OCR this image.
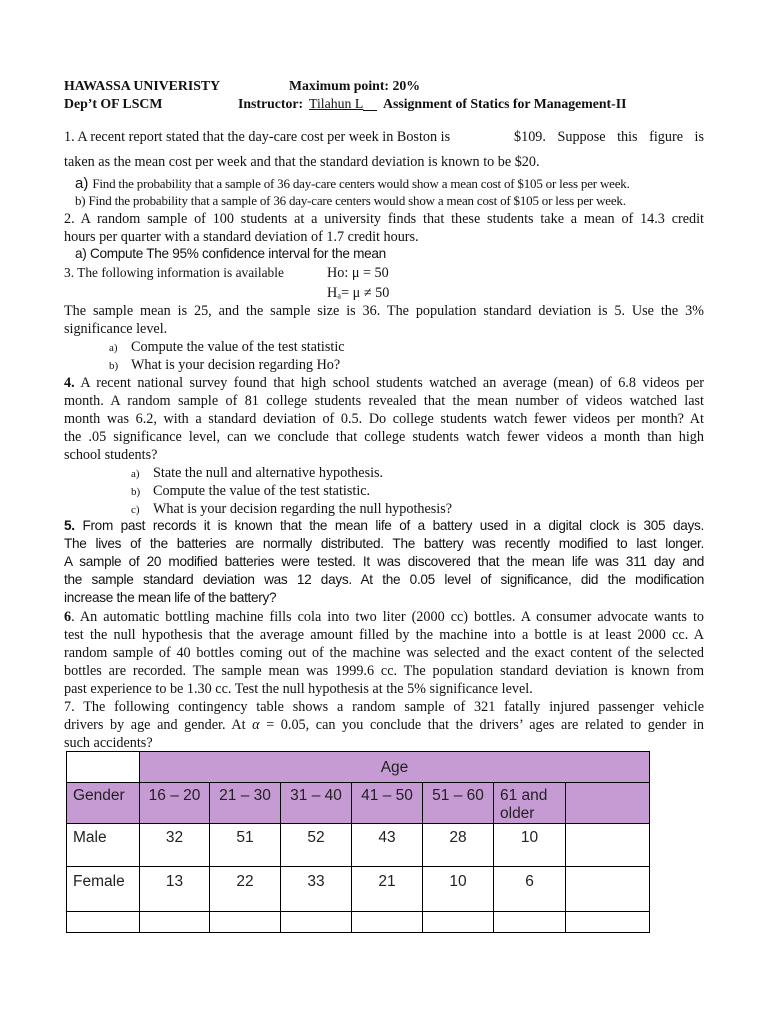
HAWASSA UNIVERISTY	Maximum point: 20%
Dep’t OF LSCM	Instructor: Tilahun L Assignment of Statics for Management-II
1. A recent report stated that the day-care cost per week in Boston is	$109. Suppose this figure is
taken as the mean cost per week and that the standard deviation is known to be $20.
a) Find the probability that a sample of 36 day-care centers would show a mean cost of $105 or less per week.
b) Find the probability that a sample of 36 day-care centers would show a mean cost of $105 or less per week.
2. A random sample of 100 students at a university finds that these students take a mean of 14.3 credit
hours per quarter with a standard deviation of 1.7 credit hours.
a) Compute The 95% confidence interval for the mean
3. The following information is available	Ho: μ = 50
Hₐ= μ ≠ 50
The sample mean is 25, and the sample size is 36. The population standard deviation is 5. Use the 3%
significance level.
a) Compute the value of the test statistic
b) What is your decision regarding Ho?
4. A recent national survey found that high school students watched an average (mean) of 6.8 videos per
month. A random sample of 81 college students revealed that the mean number of videos watched last
month was 6.2, with a standard deviation of 0.5. Do college students watch fewer videos per month? At
the .05 significance level, can we conclude that college students watch fewer videos a month than high
school students?
a) State the null and alternative hypothesis.
b) Compute the value of the test statistic.
c) What is your decision regarding the null hypothesis?
5. From past records it is known that the mean life of a battery used in a digital clock is 305 days.
The lives of the batteries are normally distributed. The battery was recently modified to last longer.
A sample of 20 modified batteries were tested. It was discovered that the mean life was 311 day and
the sample standard deviation was 12 days. At the 0.05 level of significance, did the modification
increase the mean life of the battery?
6. An automatic bottling machine fills cola into two liter (2000 cc) bottles. A consumer advocate wants to
test the null hypothesis that the average amount filled by the machine into a bottle is at least 2000 cc. A
random sample of 40 bottles coming out of the machine was selected and the exact content of the selected
bottles are recorded. The sample mean was 1999.6 cc. The population standard deviation is known from
past experience to be 1.30 cc. Test the null hypothesis at the 5% significance level.
7. The following contingency table shows a random sample of 321 fatally injured passenger vehicle
drivers by age and gender. At α = 0.05, can you conclude that the drivers’ ages are related to gender in
such accidents?
Age
Gender	16 – 20	21 – 30	31 – 40	41 – 50	51 – 60	61 and
older
Male	32	51	52	43	28	10
Female	13	22	33	21	10	6
